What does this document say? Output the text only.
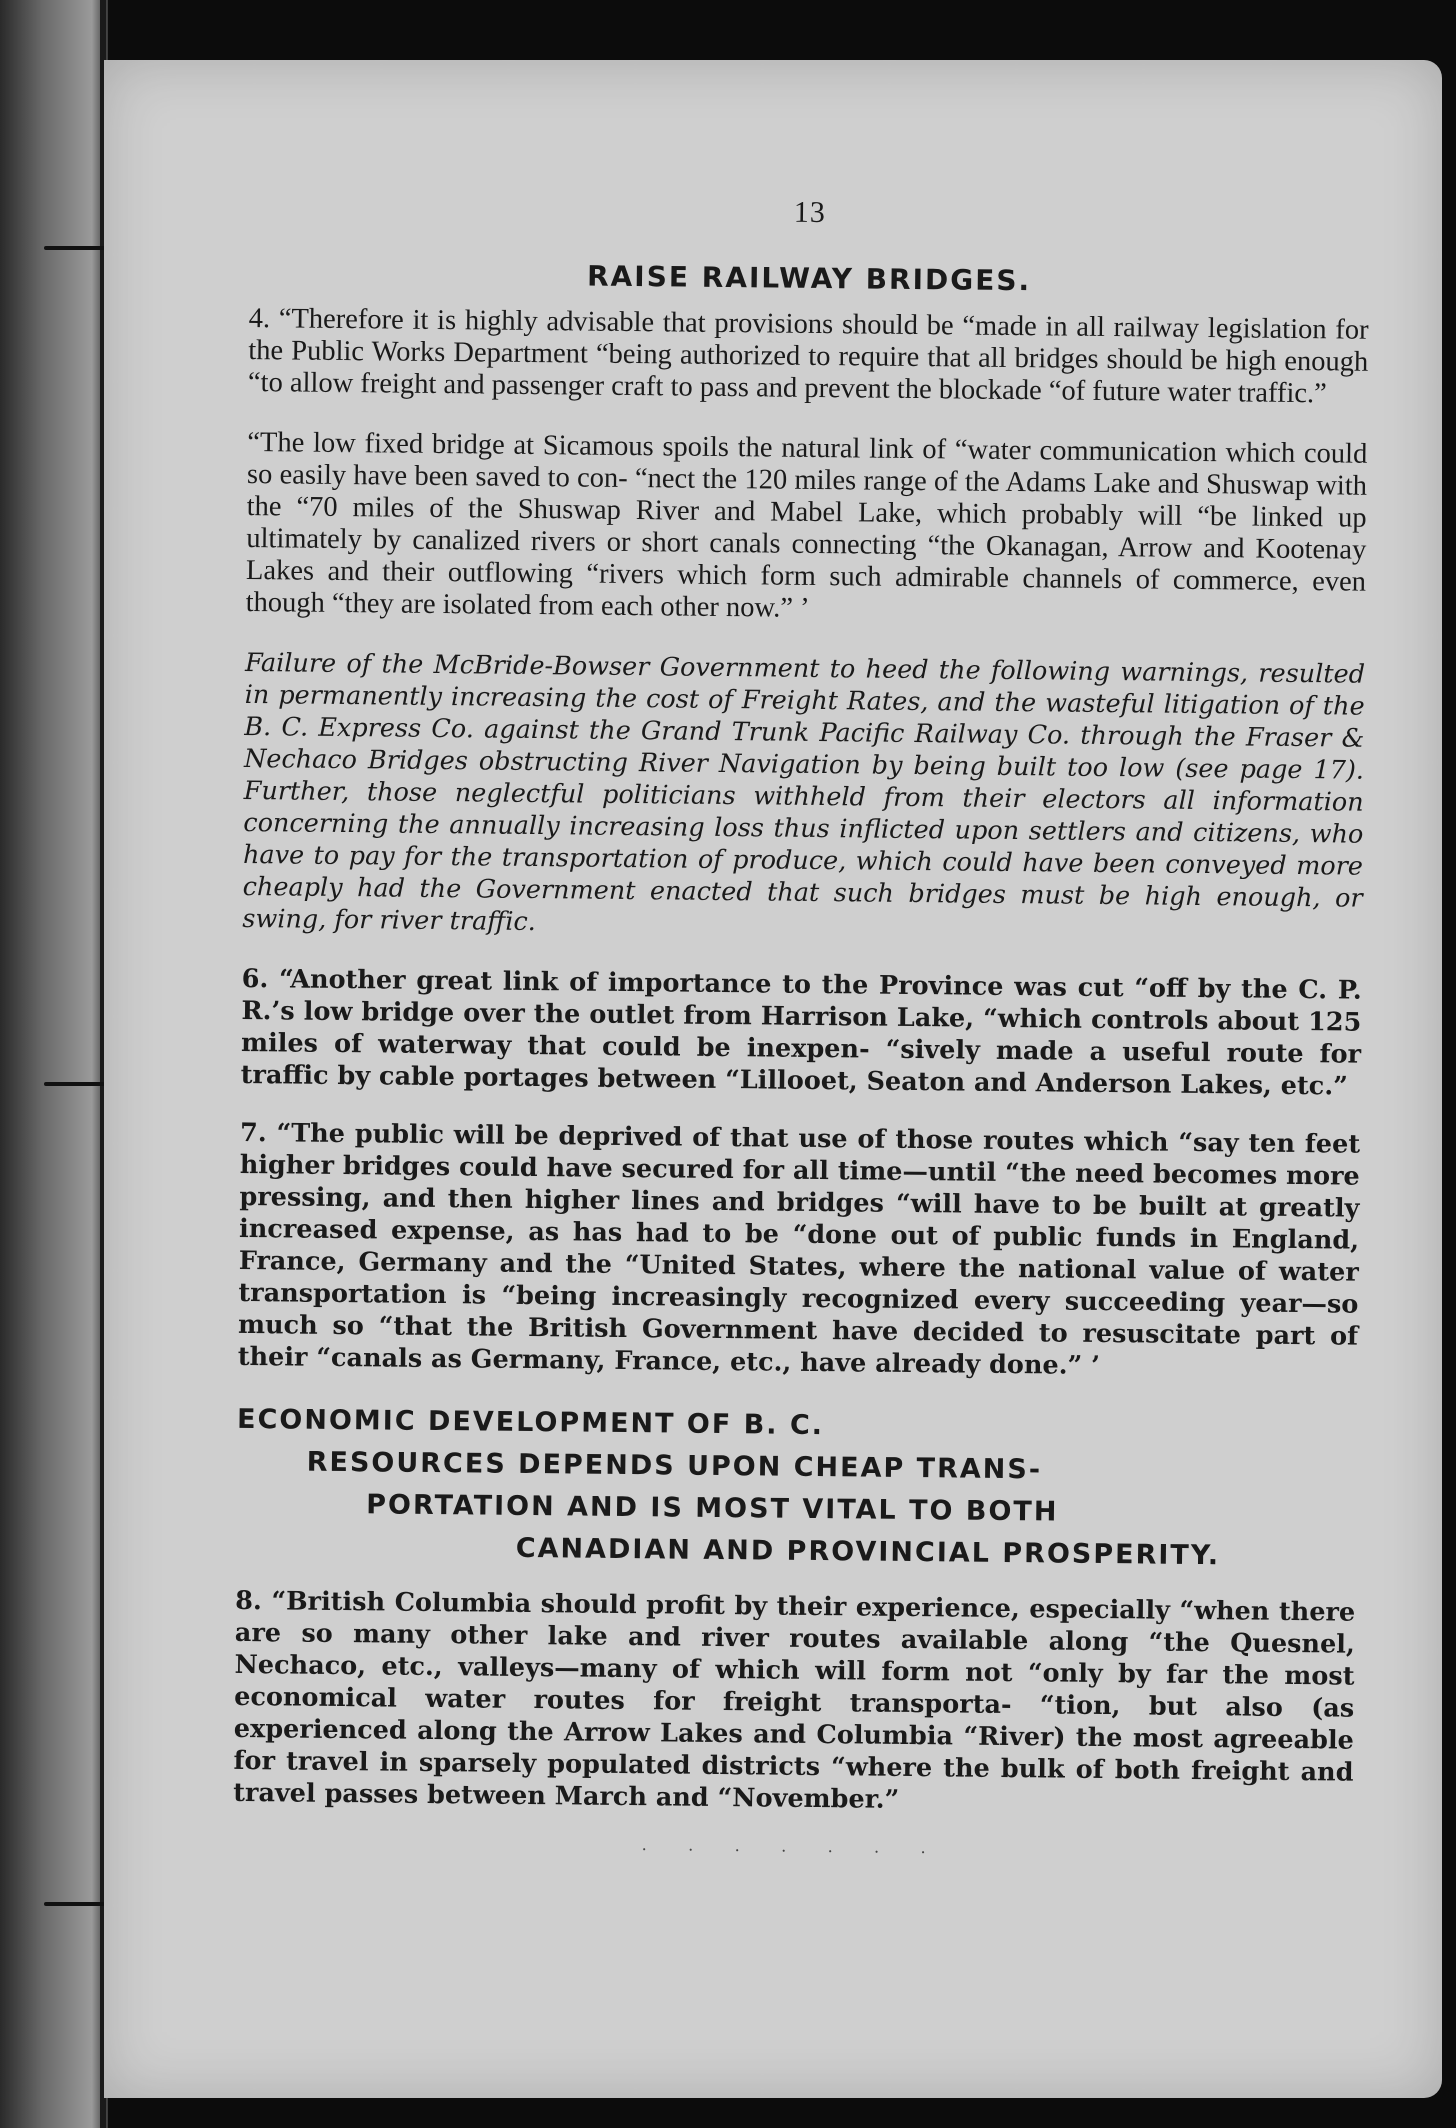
13
RAISE RAILWAY BRIDGES.

4. “Therefore it is highly advisable that provisions should be “made in all railway legislation for the Public Works Department “being authorized to require that all bridges should be high enough “to allow freight and passenger craft to pass and prevent the blockade “of future water traffic.”

“The low fixed bridge at Sicamous spoils the natural link of “water communication which could so easily have been saved to con- “nect the 120 miles range of the Adams Lake and Shuswap with the “70 miles of the Shuswap River and Mabel Lake, which probably will “be linked up ultimately by canalized rivers or short canals connecting “the Okanagan, Arrow and Kootenay Lakes and their outflowing “rivers which form such admirable channels of commerce, even though “they are isolated from each other now.” ’

Failure of the McBride-Bowser Government to heed the following warnings, resulted in permanently increasing the cost of Freight Rates, and the wasteful litigation of the B. C. Express Co. against the Grand Trunk Pacific Railway Co. through the Fraser & Nechaco Bridges obstructing River Navigation by being built too low (see page 17). Further, those neglectful politicians withheld from their electors all information concerning the annually increasing loss thus inflicted upon settlers and citizens, who have to pay for the transportation of produce, which could have been conveyed more cheaply had the Government enacted that such bridges must be high enough, or swing, for river traffic.

6. “Another great link of importance to the Province was cut “off by the C. P. R.’s low bridge over the outlet from Harrison Lake, “which controls about 125 miles of waterway that could be inexpen- “sively made a useful route for traffic by cable portages between “Lillooet, Seaton and Anderson Lakes, etc.”

7. “The public will be deprived of that use of those routes which “say ten feet higher bridges could have secured for all time—until “the need becomes more pressing, and then higher lines and bridges “will have to be built at greatly increased expense, as has had to be “done out of public funds in England, France, Germany and the “United States, where the national value of water transportation is “being increasingly recognized every succeeding year—so much so “that the British Government have decided to resuscitate part of their “canals as Germany, France, etc., have already done.” ’

ECONOMIC DEVELOPMENT OF B. C.
RESOURCES DEPENDS UPON CHEAP TRANS-
PORTATION AND IS MOST VITAL TO BOTH
CANADIAN AND PROVINCIAL PROSPERITY.

8. “British Columbia should profit by their experience, especially “when there are so many other lake and river routes available along “the Quesnel, Nechaco, etc., valleys—many of which will form not “only by far the most economical water routes for freight transporta- “tion, but also (as experienced along the Arrow Lakes and Columbia “River) the most agreeable for travel in sparsely populated districts “where the bulk of both freight and travel passes between March and “November.”

· · · · · · ·
